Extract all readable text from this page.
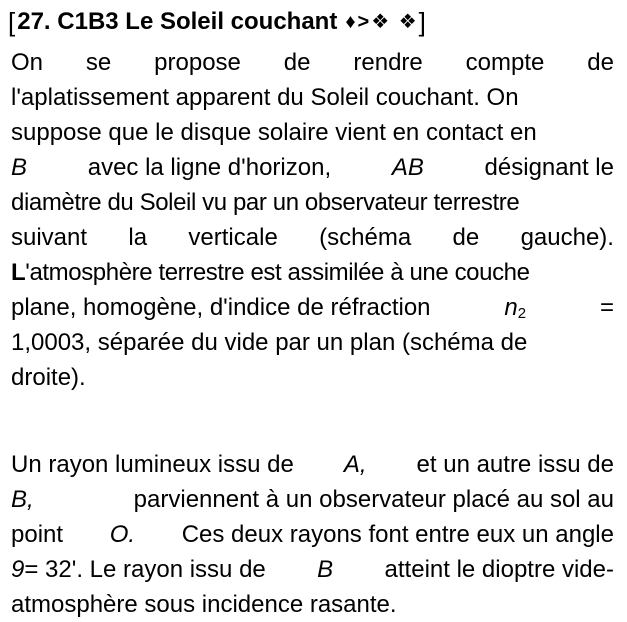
[ 27. C1B3 Le Soleil couchant ♦>❖ ❖ ]
On se propose de rendre compte de
l'aplatissement apparent du Soleil couchant. On
suppose que le disque solaire vient en contact en
B	avec la ligne d'horizon,	AB	désignant le
diamètre du Soleil vu par un observateur terrestre
suivant la verticale (schéma de gauche).
L'atmosphère terrestre est assimilée à une couche
plane, homogène, d'indice de réfraction	$n_2$	=
1,0003, séparée du vide par un plan (schéma de
droite).
Un rayon lumineux issu de A, et un autre issu de
B,	parviennent à un observateur placé au sol au
point O. Ces deux rayons font entre eux un angle
9= 32'. Le rayon issu de B atteint le dioptre vide-
atmosphère sous incidence rasante.
